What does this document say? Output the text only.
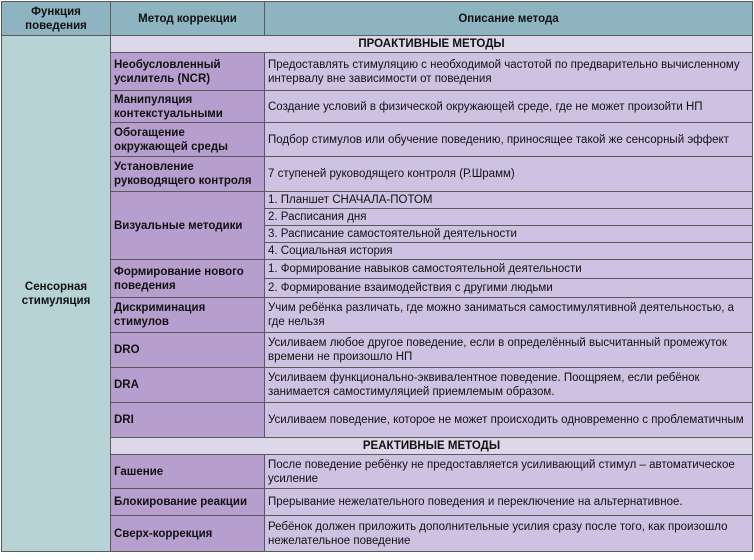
Функция поведения	Метод коррекции	Описание метода
Сенсорная стимуляция	ПРОАКТИВНЫЕ МЕТОДЫ	
	Необусловленный усилитель (NCR)	Предоставлять стимуляцию с необходимой частотой по предварительно вычисленному интервалу вне зависимости от поведения
	Манипуляция контекстуальными	Создание условий в физической окружающей среде, где не может произойти НП
	Обогащение окружающей среды	Подбор стимулов или обучение поведению, приносящее такой же сенсорный эффект
	Установление руководящего контроля	7 ступеней руководящего контроля (Р.Шрамм)
	Визуальные методики	1. Планшет СНАЧАЛА-ПОТОМ
		2. Расписания дня
		3. Расписание самостоятельной деятельности
		4. Социальная история
	Формирование нового поведения	1. Формирование навыков самостоятельной деятельности
		2. Формирование взаимодействия с другими людьми
	Дискриминация стимулов	Учим ребёнка различать, где можно заниматься самостимулятивной деятельностью, а где нельзя
	DRO	Усиливаем любое другое поведение, если в определённый высчитанный промежуток времени не произошло НП
	DRA	Усиливаем функционально-эквивалентное поведение. Поощряем, если ребёнок занимается самостимуляцией приемлемым образом.
	DRI	Усиливаем поведение, которое не может происходить одновременно с проблематичным
	РЕАКТИВНЫЕ МЕТОДЫ	
	Гашение	После поведение ребёнку не предоставляется усиливающий стимул – автоматическое усиление
	Блокирование реакции	Прерывание нежелательного поведения и переключение на альтернативное.
	Сверх-коррекция	Ребёнок должен приложить дополнительные усилия сразу после того, как произошло нежелательное поведение
